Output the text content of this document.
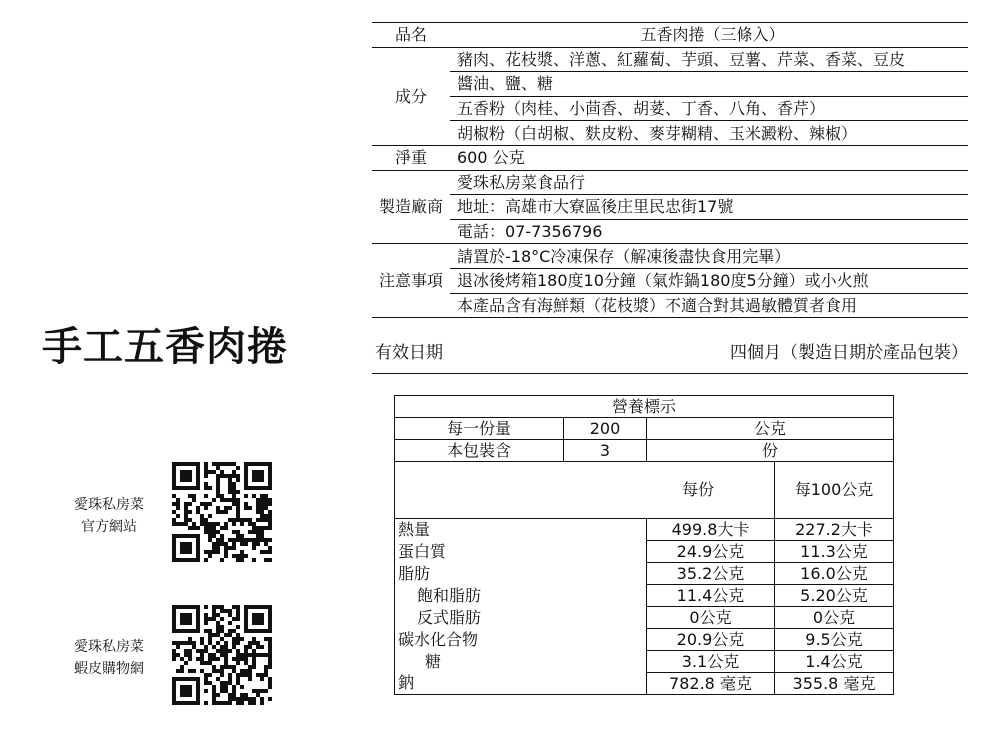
手工五香肉捲
品名	五香肉捲（三條入）
成分	豬肉、花枝漿、洋蔥、紅蘿蔔、芋頭、豆薯、芹菜、香菜、豆皮
	醬油、鹽、糖
	五香粉（肉桂、小茴香、胡荽、丁香、八角、香芹）
	胡椒粉（白胡椒、麩皮粉、麥芽糊精、玉米澱粉、辣椒）
淨重	600 公克
製造廠商	愛珠私房菜食品行
	地址：高雄市大寮區後庄里民忠街17號
	電話：07-7356796
注意事項	請置於-18°C冷凍保存（解凍後盡快食用完畢）
	退冰後烤箱180度10分鐘（氣炸鍋180度5分鐘）或小火煎
	本產品含有海鮮類（花枝漿）不適合對其過敏體質者食用
有效日期	四個月（製造日期於產品包裝）
愛珠私房菜
官方網站
愛珠私房菜
蝦皮購物網
營養標示			
每一份量	200	公克	
本包裝含	3	份	
每份			每100公克
熱量		499.8大卡	227.2大卡
蛋白質		24.9公克	11.3公克
脂肪		35.2公克	16.0公克
飽和脂肪		11.4公克	5.20公克
反式脂肪		0公克	0公克
碳水化合物		20.9公克	9.5公克
糖		3.1公克	1.4公克
鈉		782.8 毫克	355.8 毫克
